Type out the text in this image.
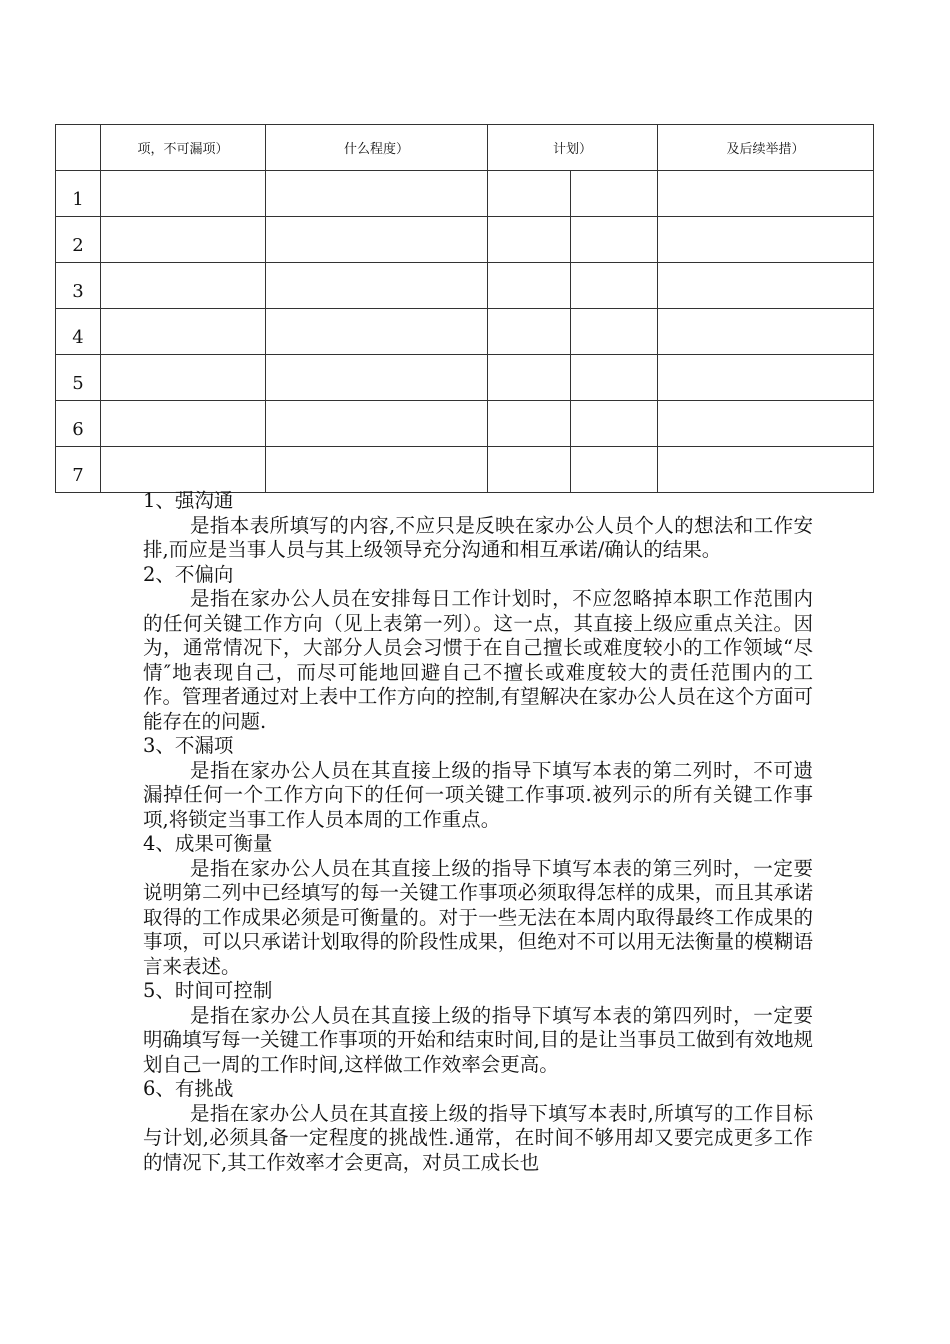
	项，不可漏项）	什么程度）	计划）		及后续举措）
1					
2					
3					
4					
5					
6					
7					

1、强沟通

是指本表所填写的内容,不应只是反映在家办公人员个人的想法和工作安排,而应是当事人员与其上级领导充分沟通和相互承诺/确认的结果。

2、不偏向

是指在家办公人员在安排每日工作计划时，不应忽略掉本职工作范围内的任何关键工作方向（见上表第一列）。这一点，其直接上级应重点关注。因为，通常情况下，大部分人员会习惯于在自己擅长或难度较小的工作领域“尽情″地表现自己，而尽可能地回避自己不擅长或难度较大的责任范围内的工作。管理者通过对上表中工作方向的控制,有望解决在家办公人员在这个方面可能存在的问题.

3、不漏项

是指在家办公人员在其直接上级的指导下填写本表的第二列时，不可遗漏掉任何一个工作方向下的任何一项关键工作事项.被列示的所有关键工作事项,将锁定当事工作人员本周的工作重点。

4、成果可衡量

是指在家办公人员在其直接上级的指导下填写本表的第三列时，一定要说明第二列中已经填写的每一关键工作事项必须取得怎样的成果，而且其承诺取得的工作成果必须是可衡量的。对于一些无法在本周内取得最终工作成果的事项，可以只承诺计划取得的阶段性成果，但绝对不可以用无法衡量的模糊语言来表述。

5、时间可控制

是指在家办公人员在其直接上级的指导下填写本表的第四列时，一定要明确填写每一关键工作事项的开始和结束时间,目的是让当事员工做到有效地规划自己一周的工作时间,这样做工作效率会更高。

6、有挑战

是指在家办公人员在其直接上级的指导下填写本表时,所填写的工作目标与计划,必须具备一定程度的挑战性.通常，在时间不够用却又要完成更多工作的情况下,其工作效率才会更高，对员工成长也
